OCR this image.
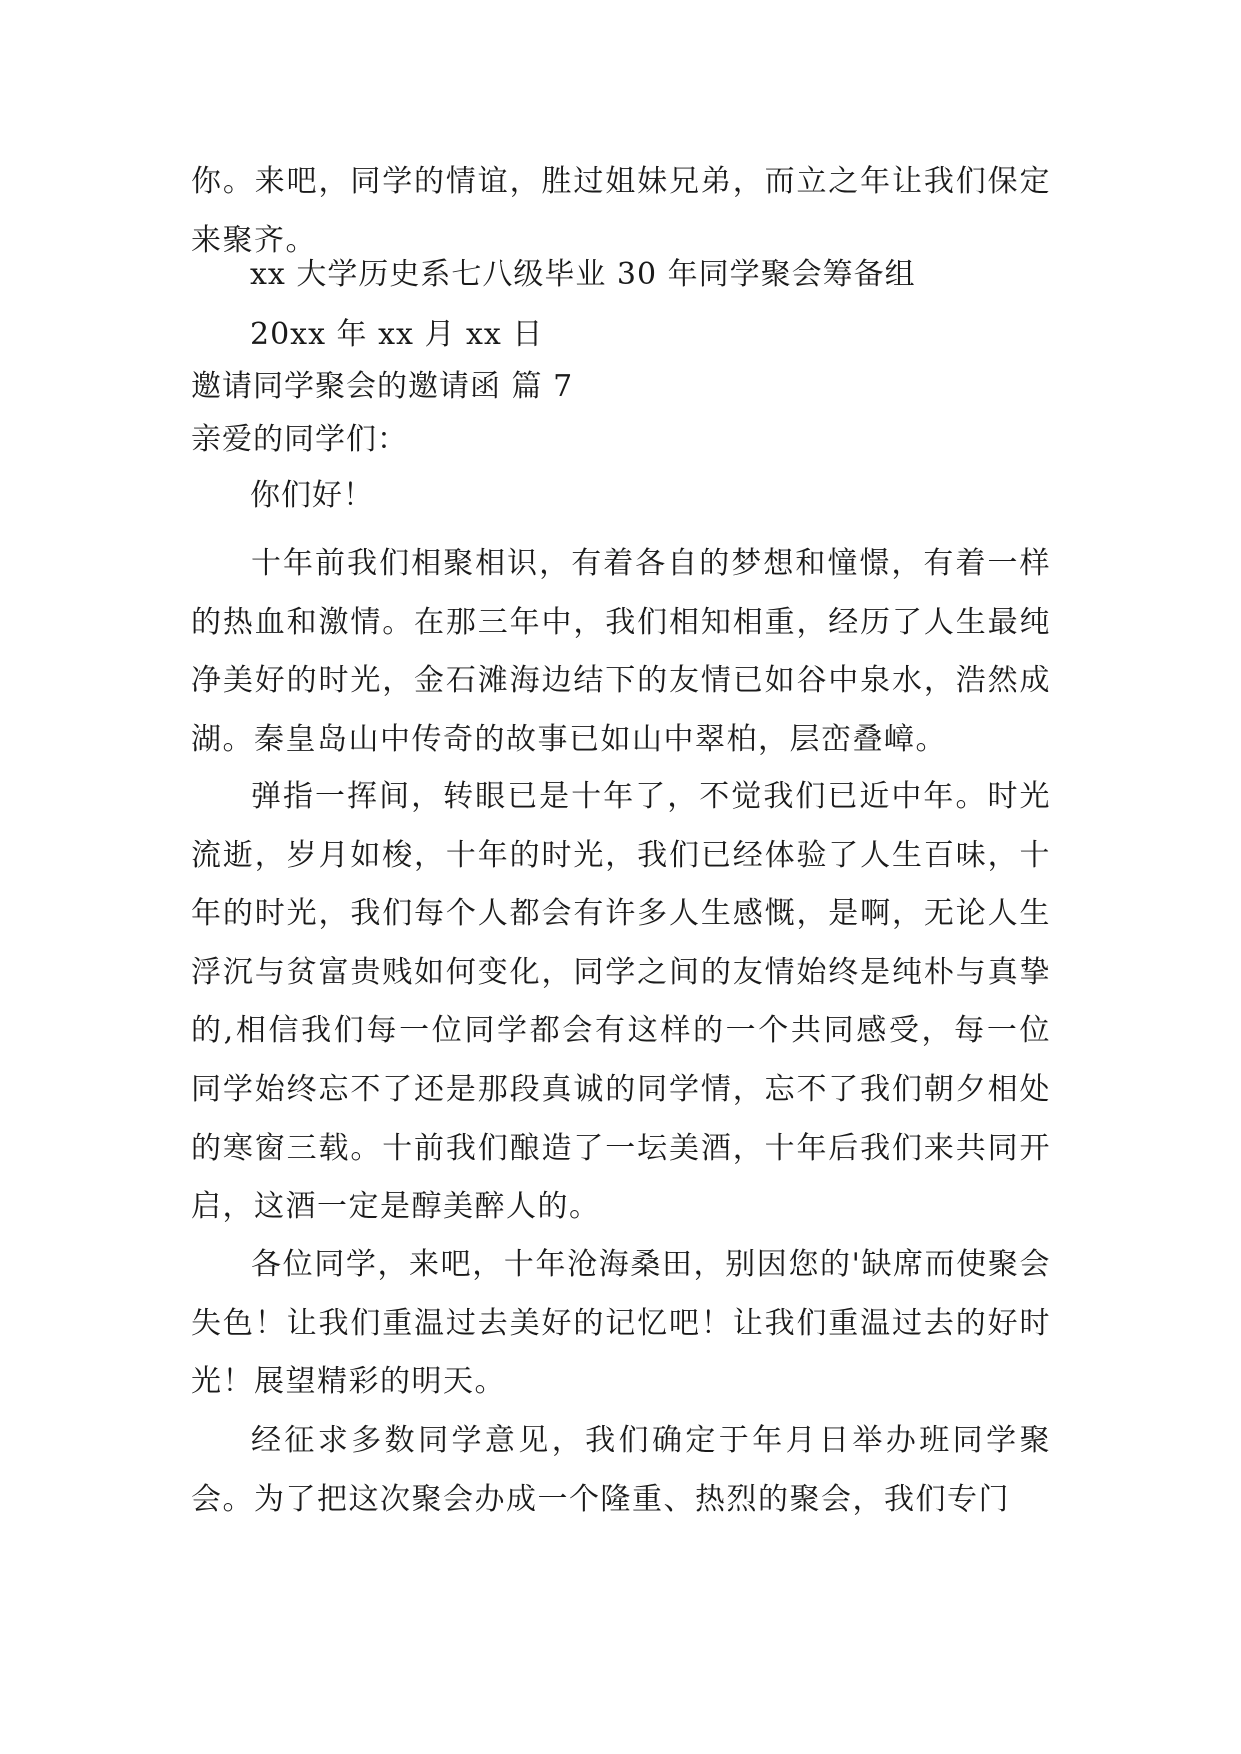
你。来吧，同学的情谊，胜过姐妹兄弟，而立之年让我们保定来聚齐。
xx 大学历史系七八级毕业 30 年同学聚会筹备组
20xx 年 xx 月 xx 日
邀请同学聚会的邀请函 篇 7
亲爱的同学们：
你们好！
十年前我们相聚相识，有着各自的梦想和憧憬，有着一样的热血和激情。在那三年中，我们相知相重，经历了人生最纯净美好的时光，金石滩海边结下的友情已如谷中泉水，浩然成湖。秦皇岛山中传奇的故事已如山中翠柏，层峦叠嶂。
弹指一挥间，转眼已是十年了，不觉我们已近中年。时光流逝，岁月如梭，十年的时光，我们已经体验了人生百味，十年的时光，我们每个人都会有许多人生感慨，是啊，无论人生浮沉与贫富贵贱如何变化，同学之间的友情始终是纯朴与真挚的,相信我们每一位同学都会有这样的一个共同感受，每一位同学始终忘不了还是那段真诚的同学情，忘不了我们朝夕相处的寒窗三载。十前我们酿造了一坛美酒，十年后我们来共同开启，这酒一定是醇美醉人的。
各位同学，来吧，十年沧海桑田，别因您的'缺席而使聚会失色！让我们重温过去美好的记忆吧！让我们重温过去的好时光！展望精彩的明天。
经征求多数同学意见，我们确定于年月日举办班同学聚会。为了把这次聚会办成一个隆重、热烈的聚会，我们专门
